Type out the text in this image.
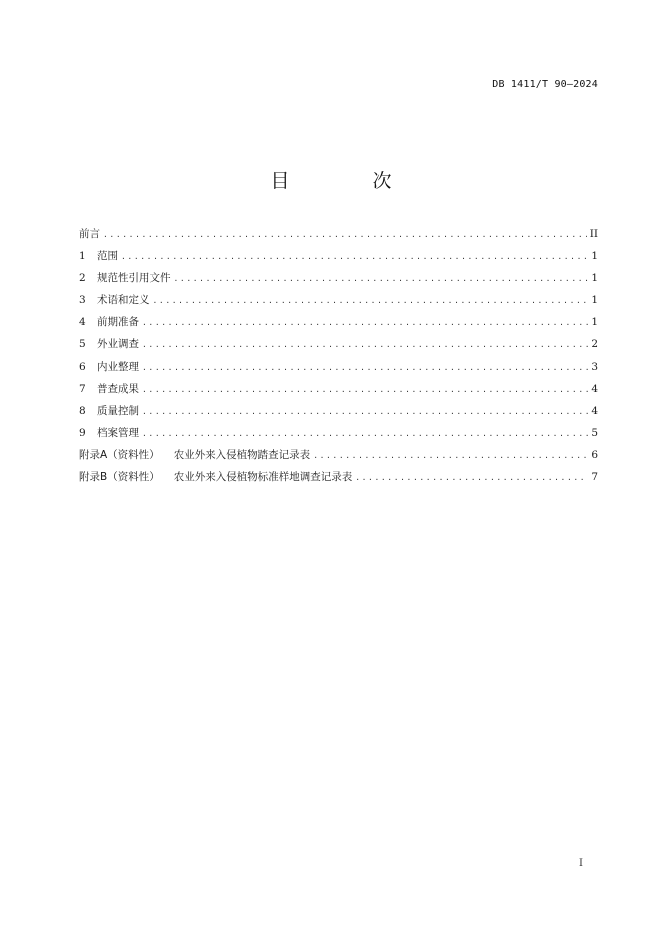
DB 1411/T 90—2024
目　次
前言 .....	II
1 范围 .....	1
2 规范性引用文件 .....	1
3 术语和定义 .....	1
4 前期准备 .....	1
5 外业调查 .....	2
6 内业整理 .....	3
7 普查成果 .....	4
8 质量控制 .....	4
9 档案管理 .....	5
附录A（资料性） 农业外来入侵植物踏查记录表 .....	6
附录B（资料性） 农业外来入侵植物标准样地调查记录表 .....	7
I
